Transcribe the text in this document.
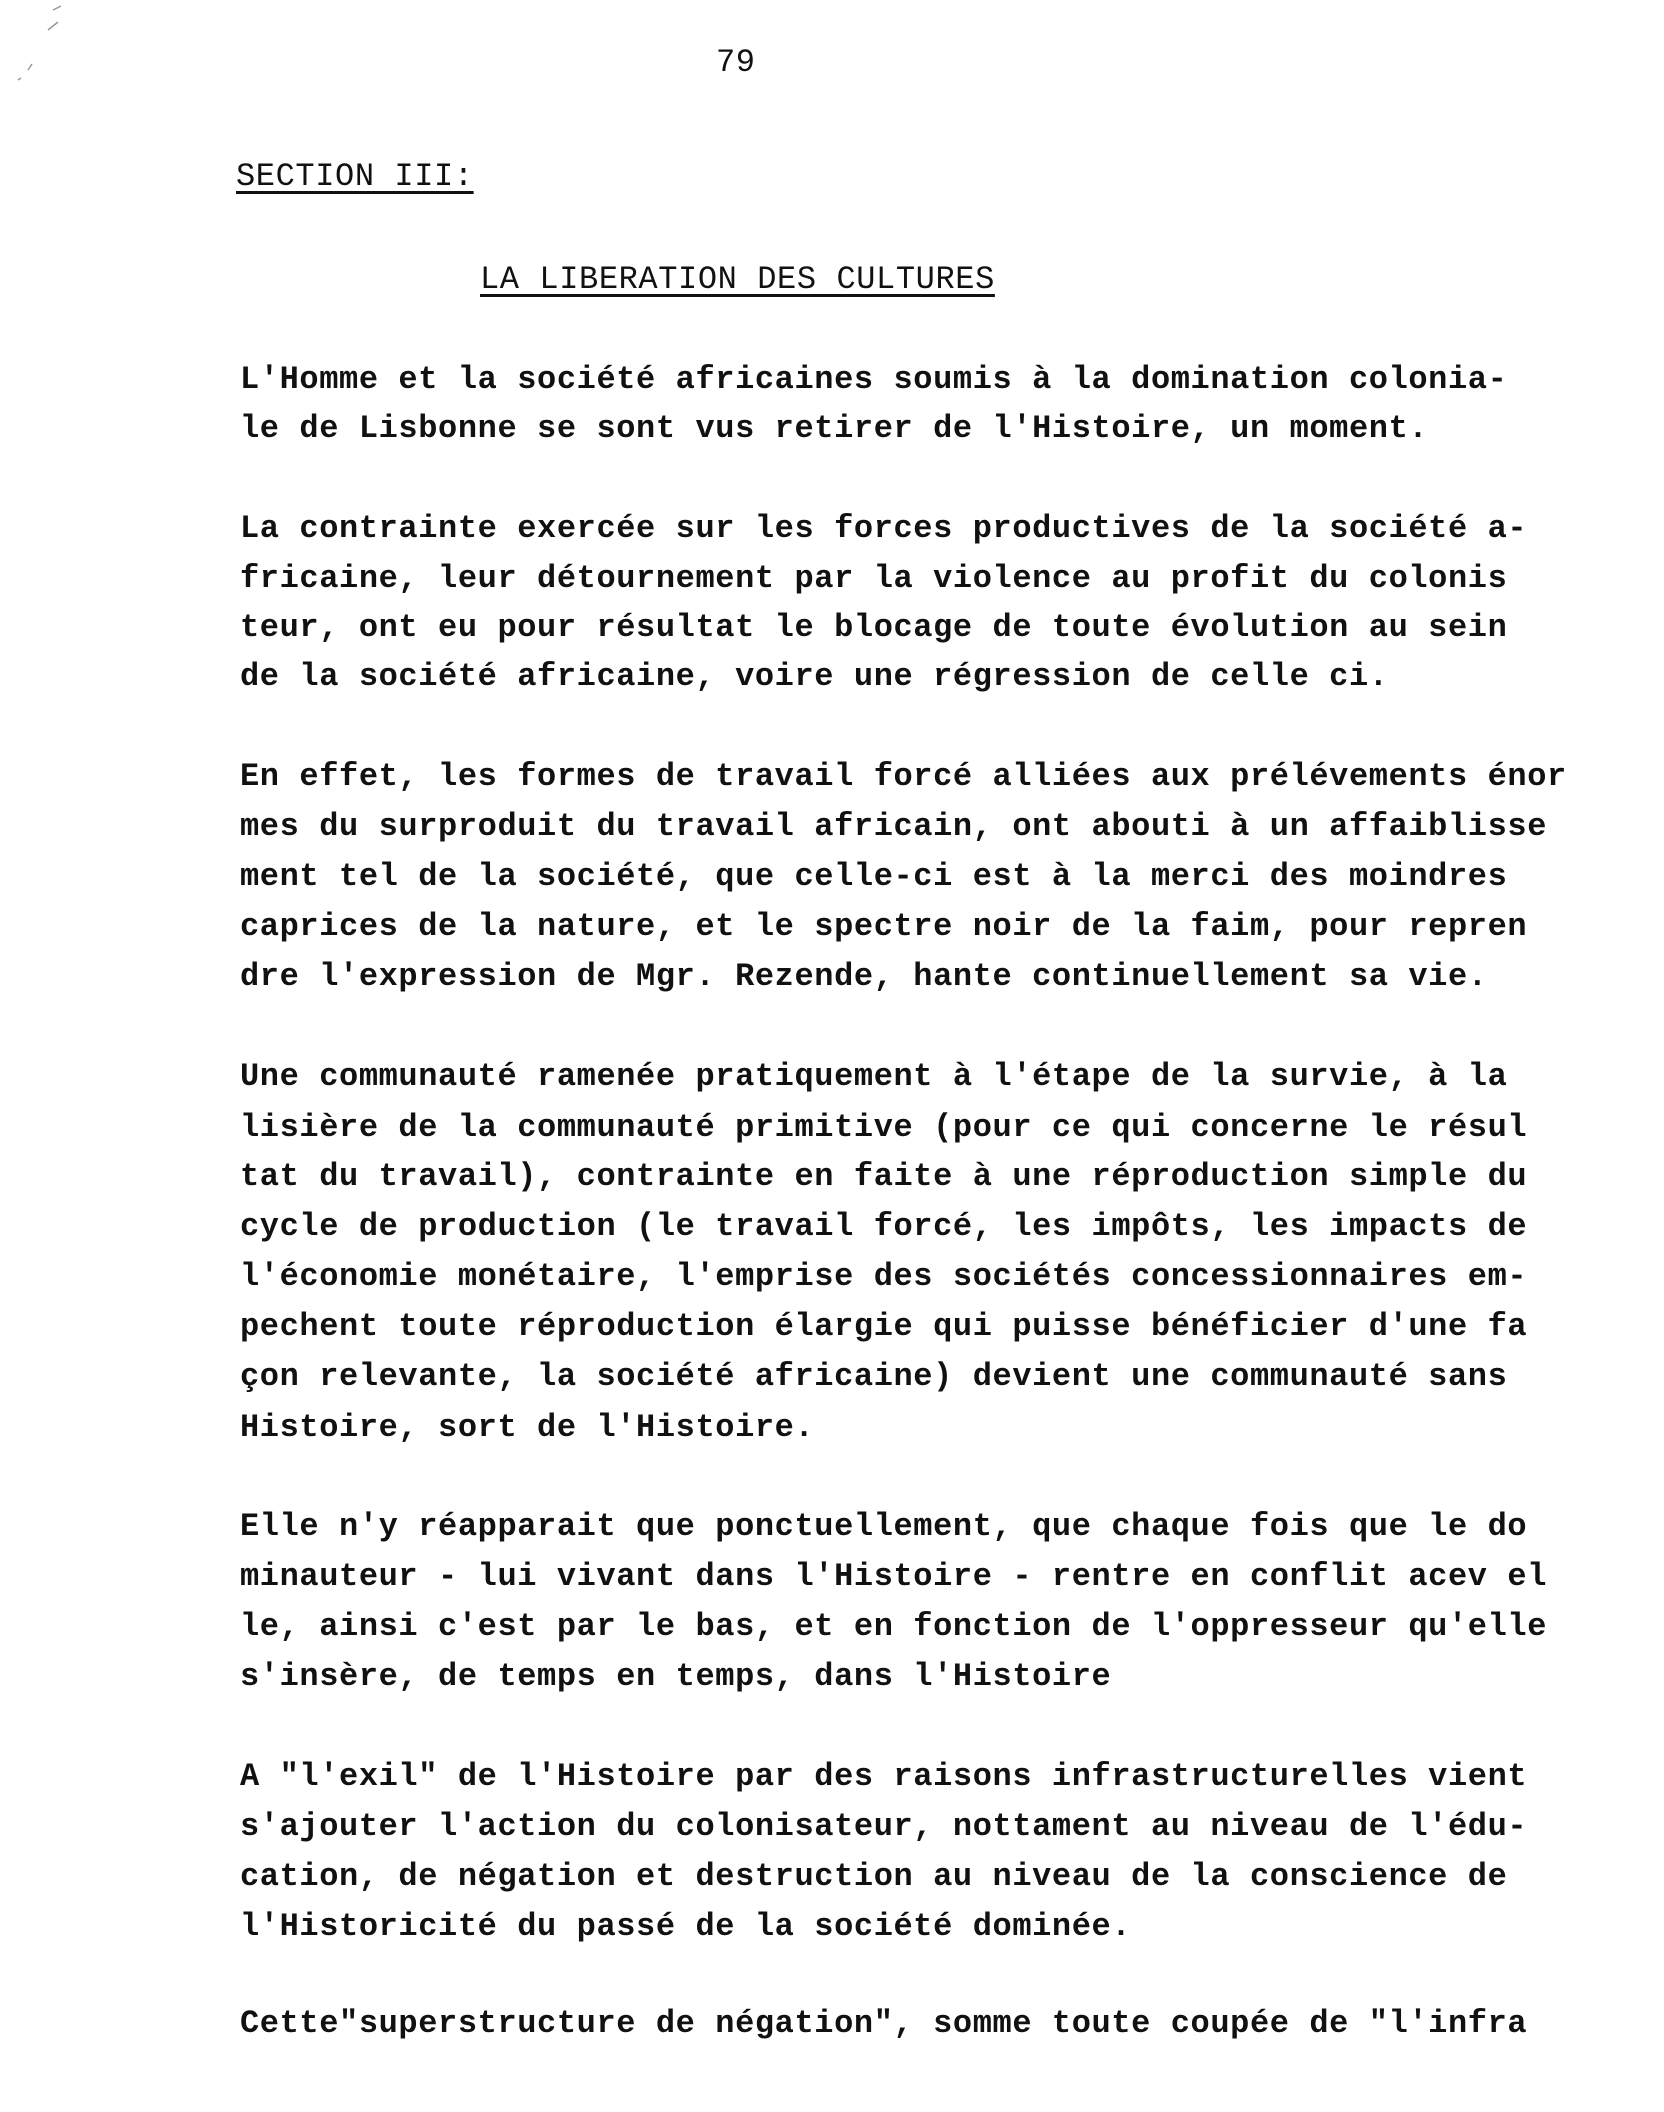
79
SECTION III:
LA LIBERATION DES CULTURES
L'Homme et la société africaines soumis à la domination colonia-
le de Lisbonne se sont vus retirer de l'Histoire, un moment.
La contrainte exercée sur les forces productives de la société a-
fricaine, leur détournement par la violence au profit du colonis
teur, ont eu pour résultat le blocage de toute évolution au sein
de la société africaine, voire une régression de celle ci.
En effet, les formes de travail forcé alliées aux prélévements énor
mes du surproduit du travail africain, ont abouti à un affaiblisse
ment tel de la société, que celle-ci est à la merci des moindres
caprices de la nature, et le spectre noir de la faim, pour repren
dre l'expression de Mgr. Rezende, hante continuellement sa vie.
Une communauté ramenée pratiquement à l'étape de la survie, à la
lisière de la communauté primitive (pour ce qui concerne le résul
tat du travail), contrainte en faite à une réproduction simple du
cycle de production (le travail forcé, les impôts, les impacts de
l'économie monétaire, l'emprise des sociétés concessionnaires em-
pechent toute réproduction élargie qui puisse bénéficier d'une fa
çon relevante, la société africaine) devient une communauté sans
Histoire, sort de l'Histoire.
Elle n'y réapparait que ponctuellement, que chaque fois que le do
minauteur - lui vivant dans l'Histoire - rentre en conflit acev el
le, ainsi c'est par le bas, et en fonction de l'oppresseur qu'elle
s'insère, de temps en temps, dans l'Histoire
A "l'exil" de l'Histoire par des raisons infrastructurelles vient
s'ajouter l'action du colonisateur, nottament au niveau de l'édu-
cation, de négation et destruction au niveau de la conscience de
l'Historicité du passé de la société dominée.
Cette"superstructure de négation", somme toute coupée de "l'infra
